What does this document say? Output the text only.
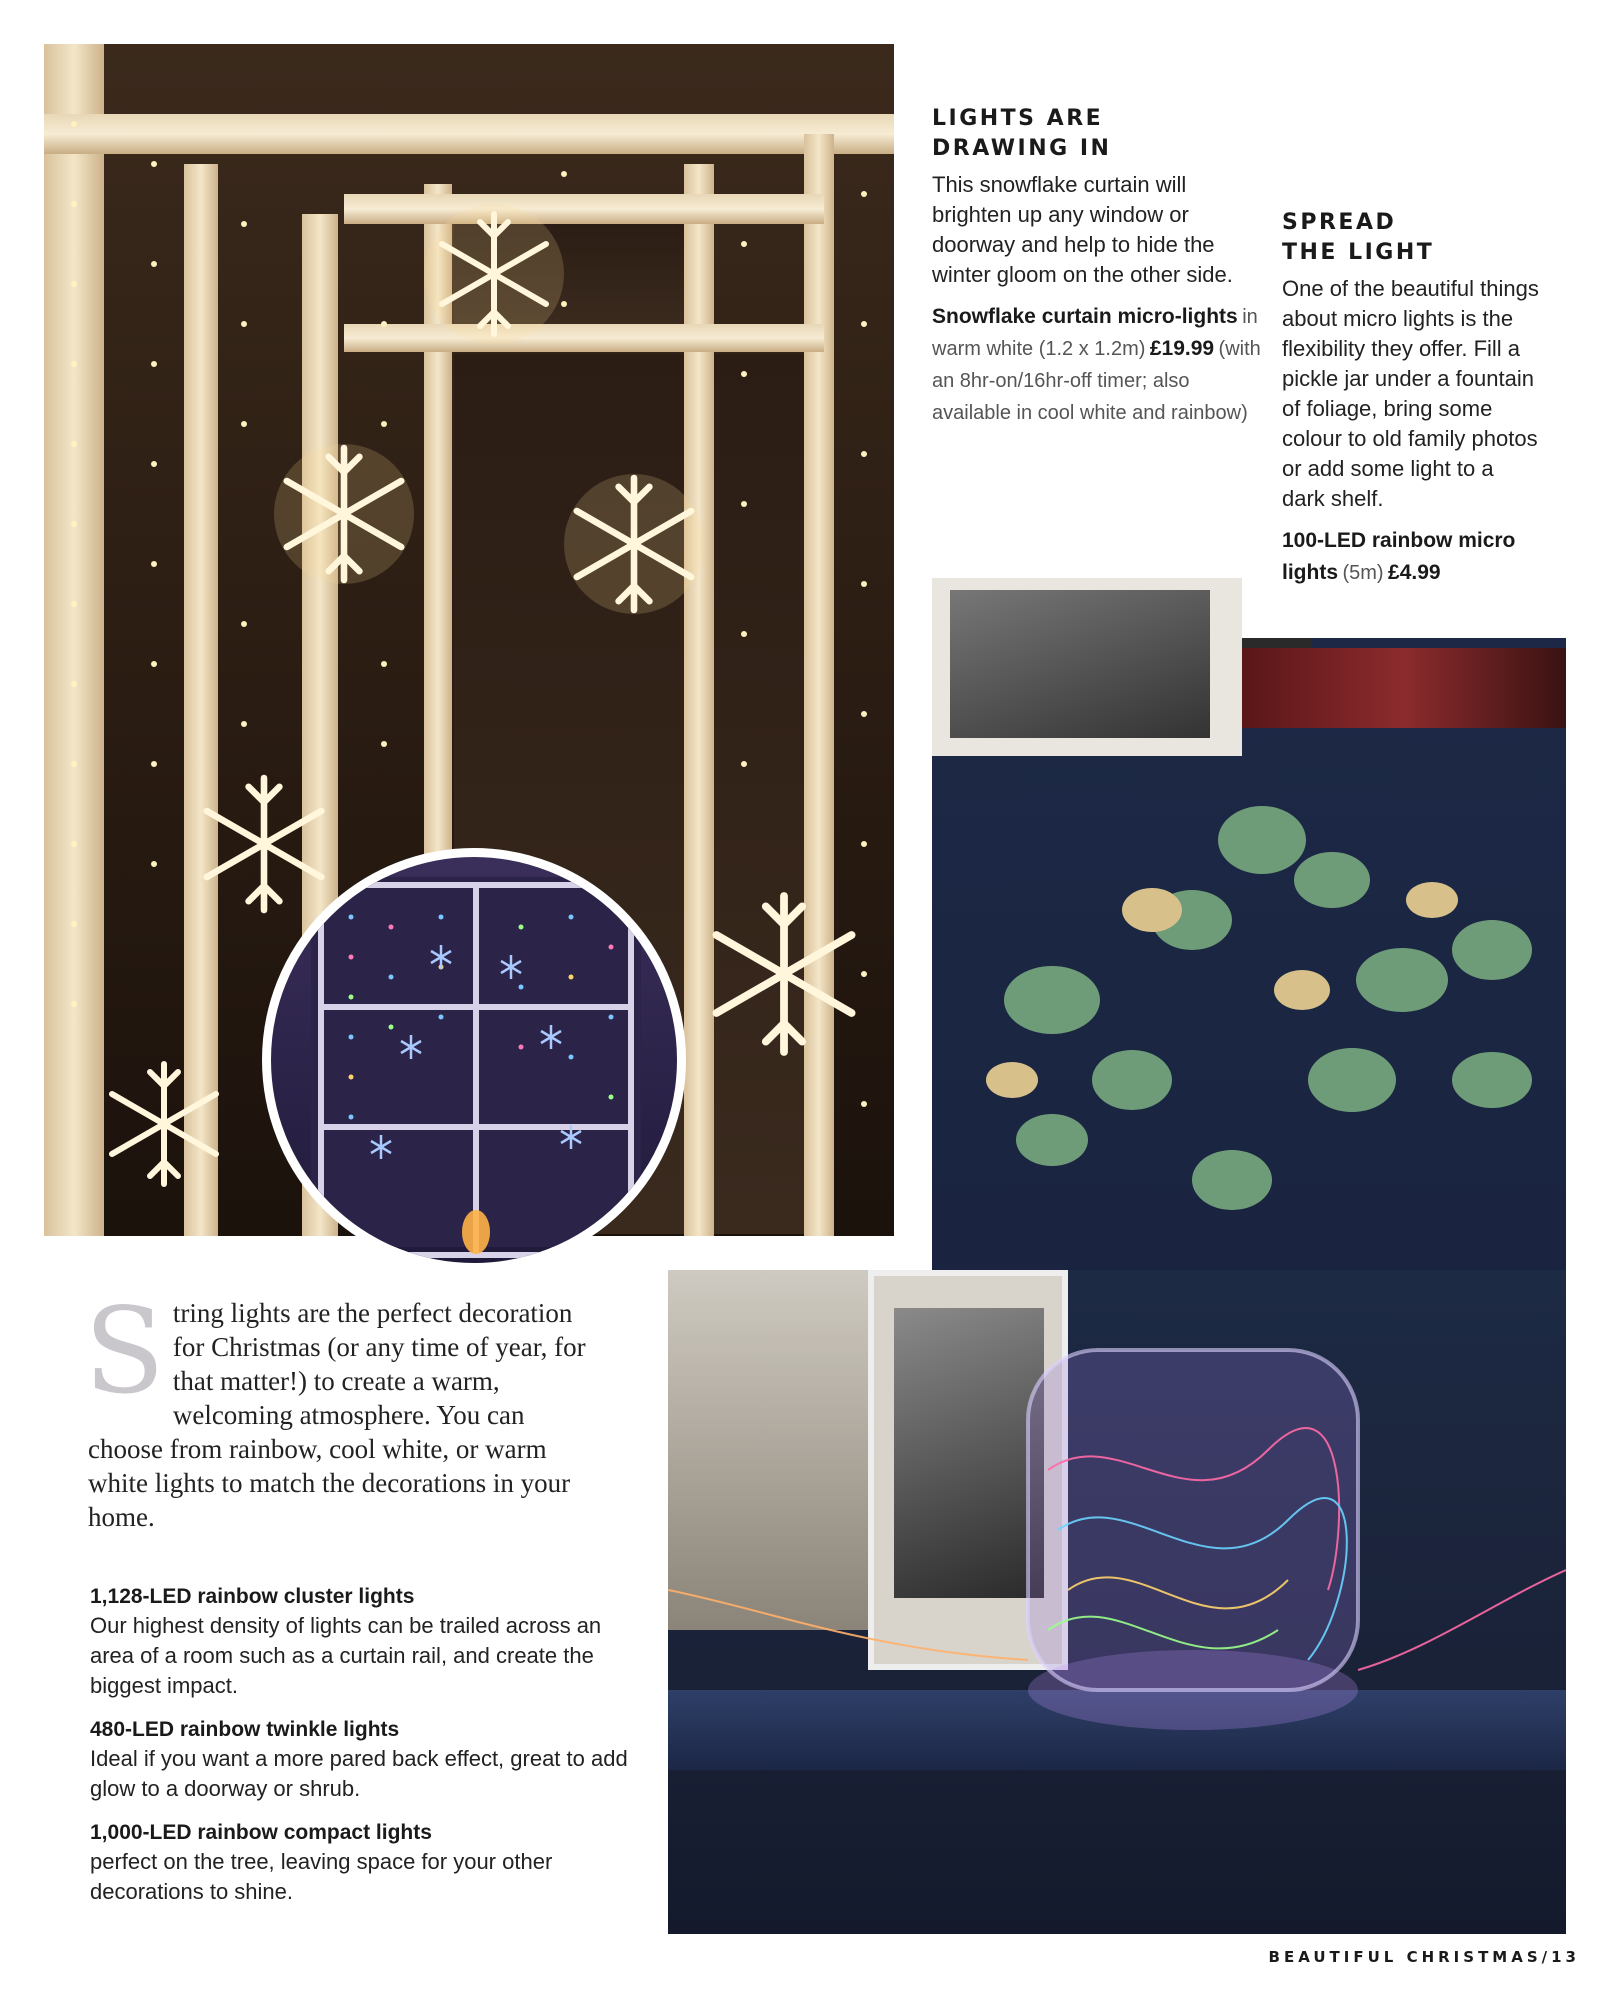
LIGHTS ARE
DRAWING IN
This snowflake curtain will brighten up any window or doorway and help to hide the winter gloom on the other side.
Snowflake curtain micro-lights in warm white (1.2 x 1.2m) £19.99 (with an 8hr-on/16hr-off timer; also available in cool white and rainbow)
SPREAD
THE LIGHT
One of the beautiful things about micro lights is the flexibility they offer. Fill a pickle jar under a fountain of foliage, bring some colour to old family photos or add some light to a dark shelf.
100-LED rainbow micro lights (5m) £4.99
S tring lights are the perfect decoration for Christmas (or any time of year, for that matter!) to create a warm, welcoming atmosphere. You can choose from rainbow, cool white, or warm white lights to match the decorations in your home.
1,128-LED rainbow cluster lights
Our highest density of lights can be trailed across an area of a room such as a curtain rail, and create the biggest impact.
480-LED rainbow twinkle lights
Ideal if you want a more pared back effect, great to add glow to a doorway or shrub.
1,000-LED rainbow compact lights
perfect on the tree, leaving space for your other decorations to shine.
BEAUTIFUL CHRISTMAS/13
